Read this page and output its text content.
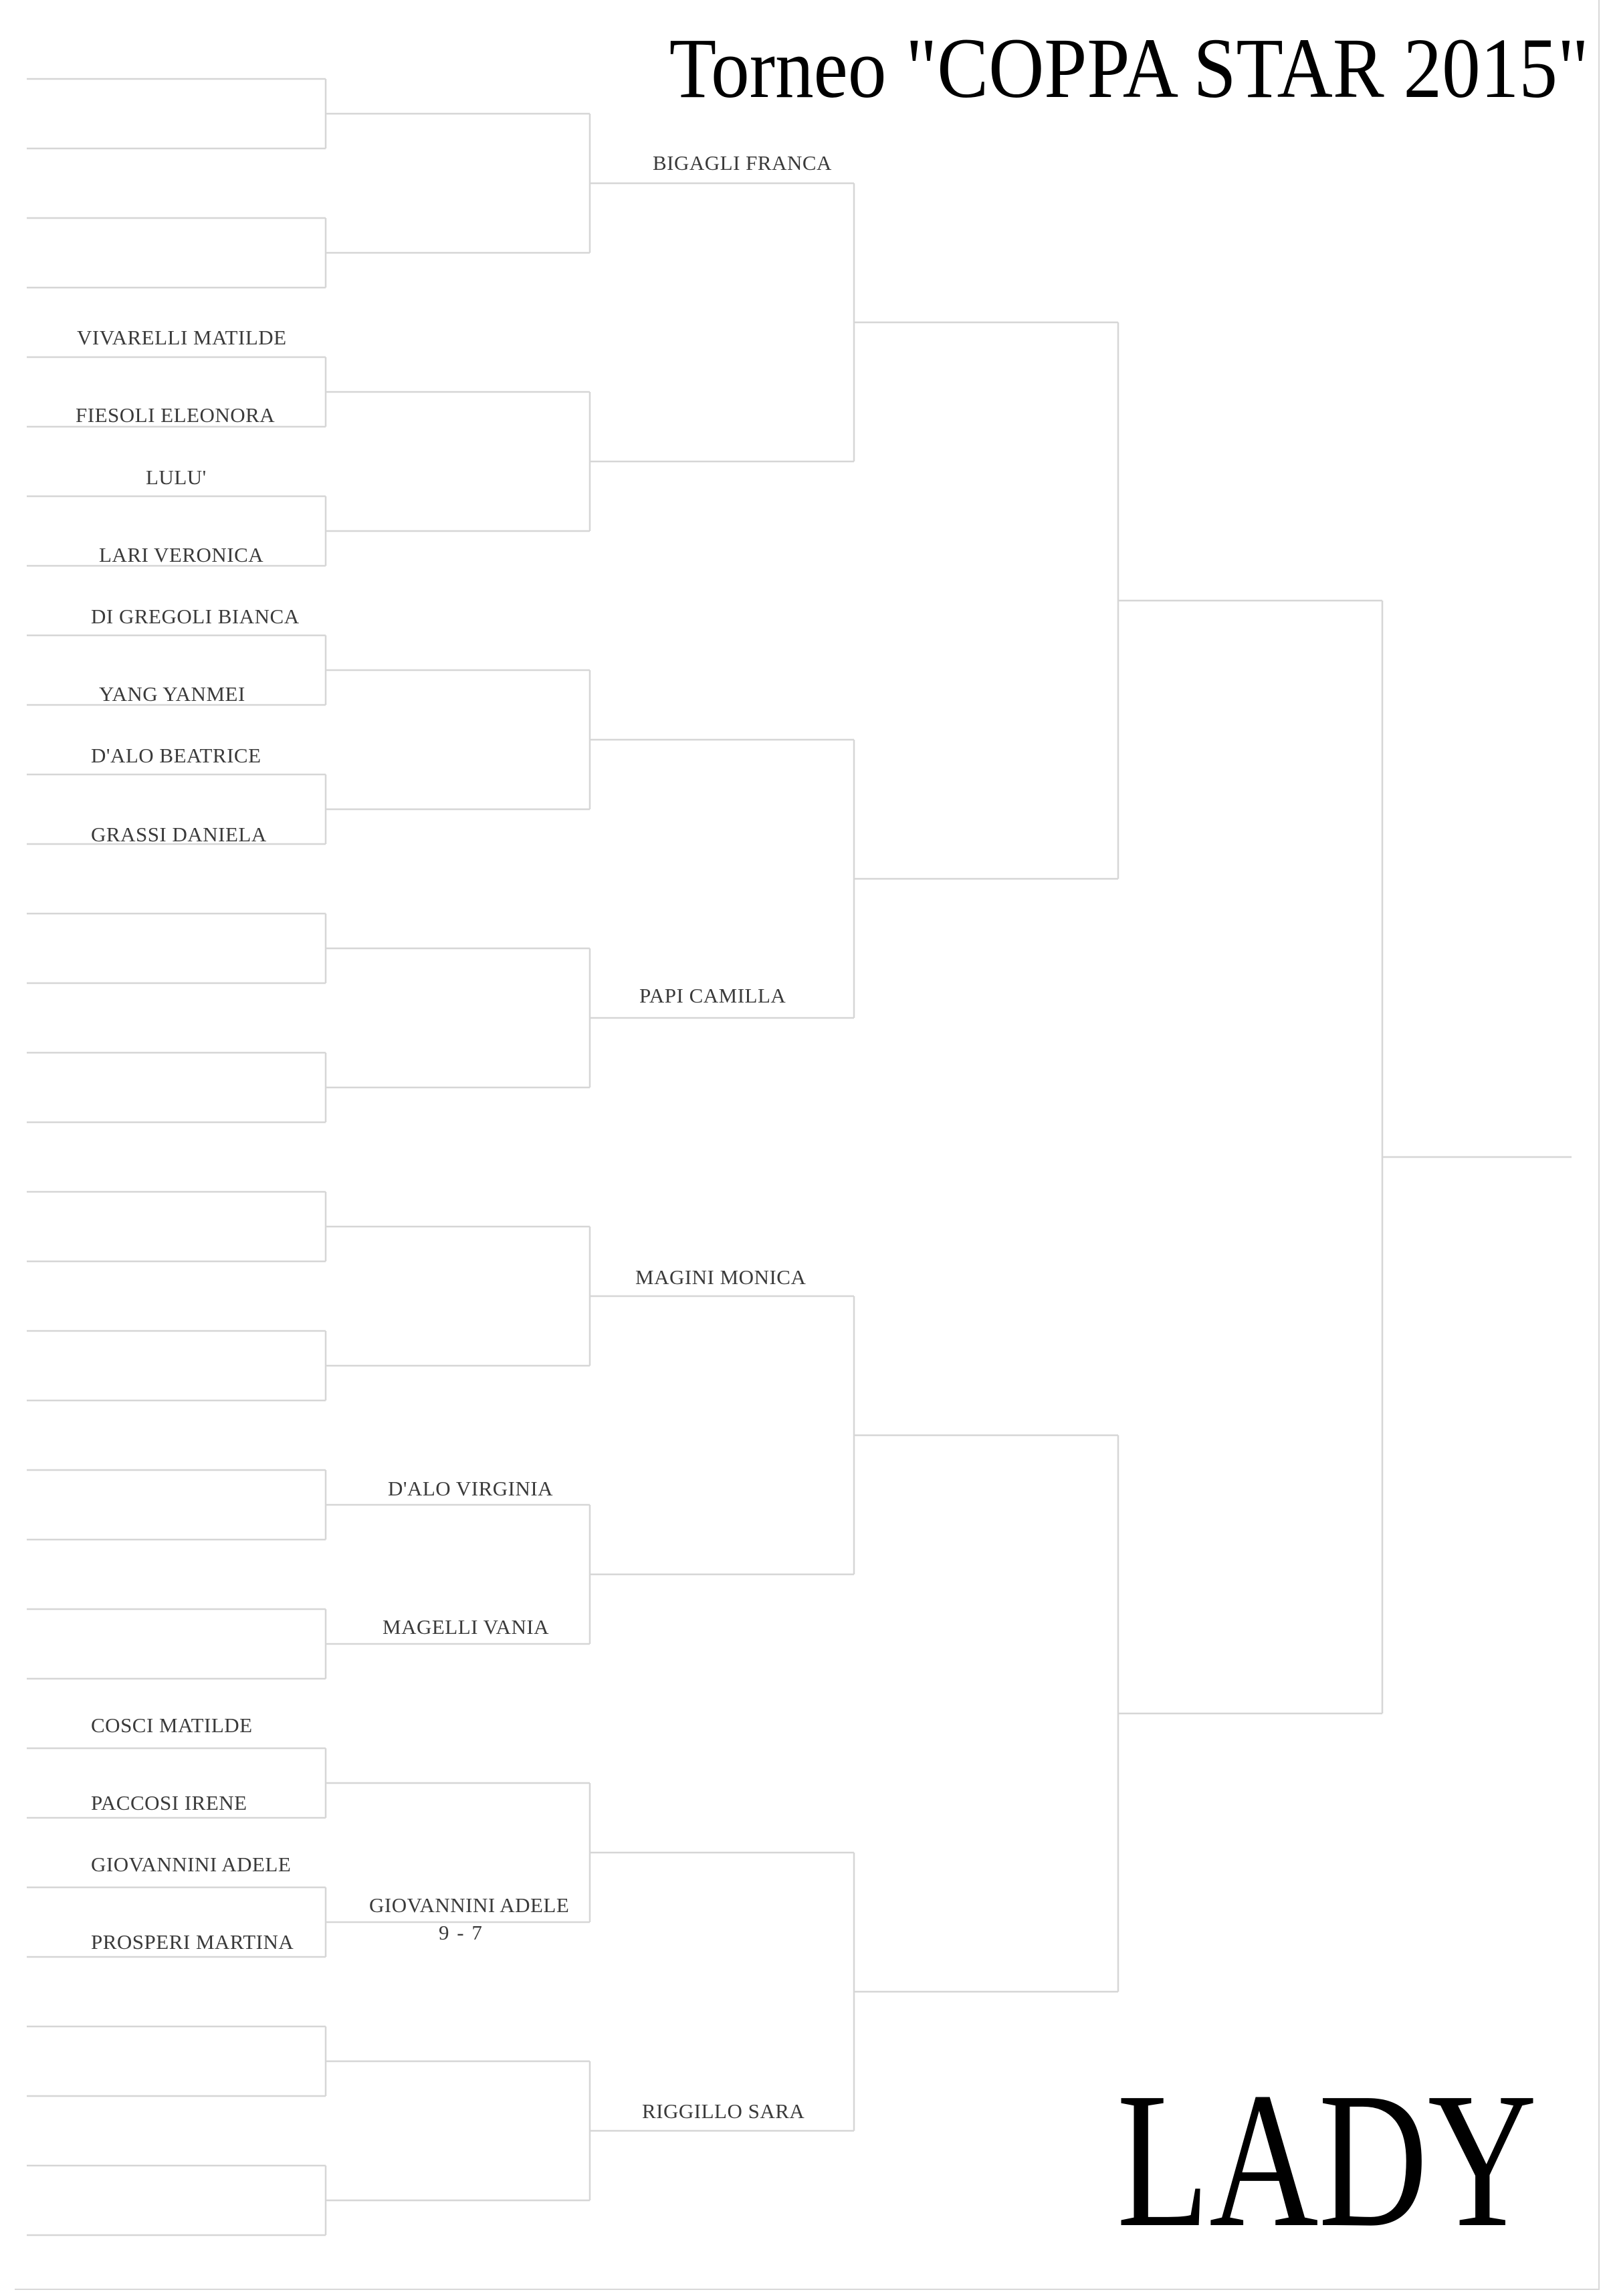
Torneo "COPPA STAR 2015"
LADY
VIVARELLI MATILDE
FIESOLI ELEONORA
LULU'
LARI VERONICA
DI GREGOLI BIANCA
YANG YANMEI
D'ALO BEATRICE
GRASSI DANIELA
COSCI MATILDE
PACCOSI IRENE
GIOVANNINI ADELE
PROSPERI MARTINA
D'ALO VIRGINIA
MAGELLI VANIA
GIOVANNINI ADELE
9 - 7
BIGAGLI FRANCA
PAPI CAMILLA
MAGINI MONICA
RIGGILLO SARA
